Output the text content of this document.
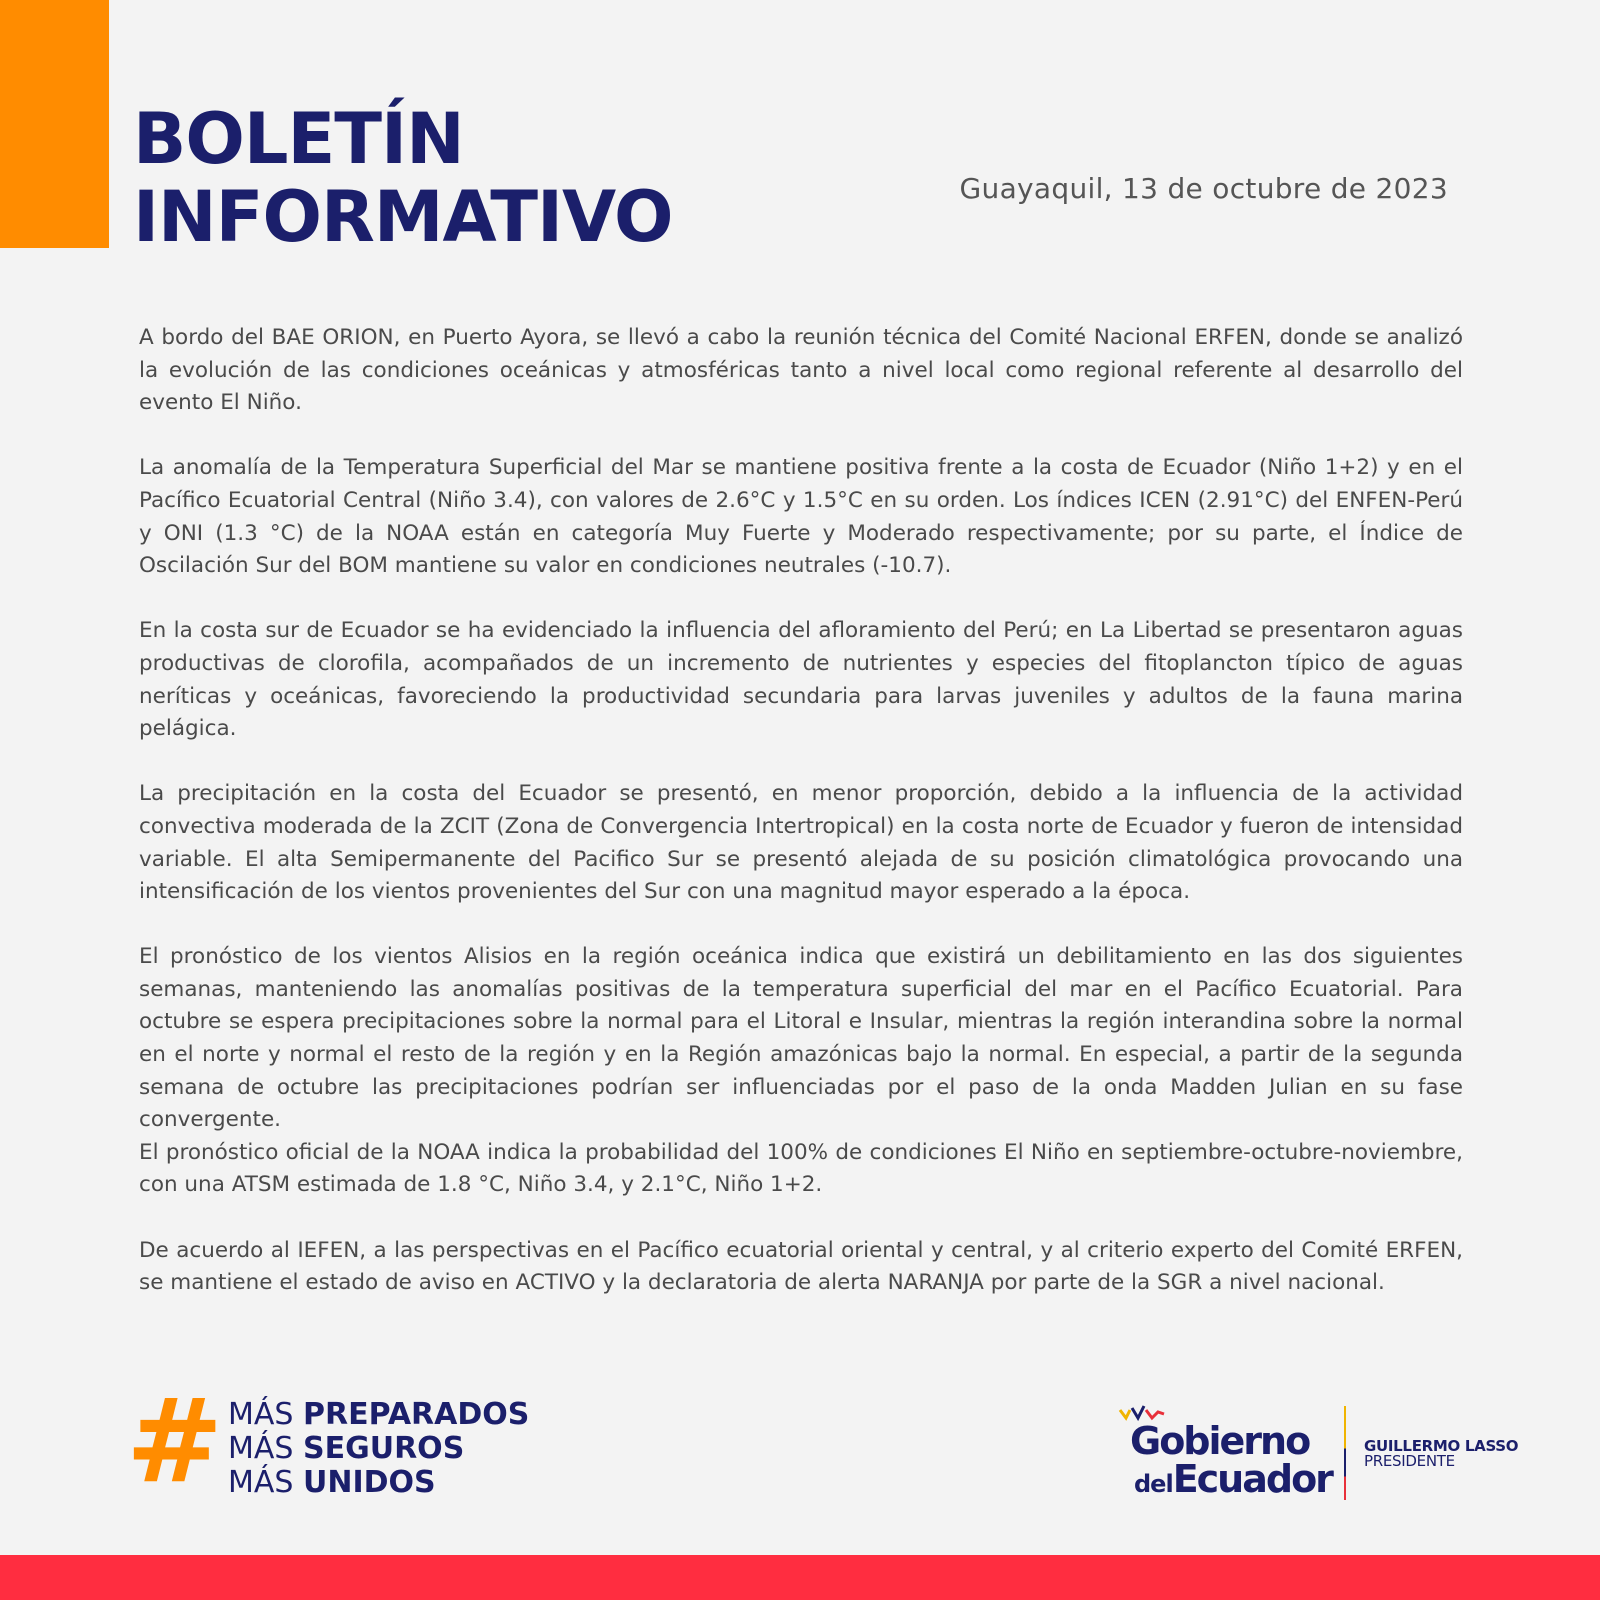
BOLETÍN
INFORMATIVO	Guayaquil, 13 de octubre de 2023

A bordo del BAE ORION, en Puerto Ayora, se llevó a cabo la reunión técnica del Comité Nacional ERFEN, donde se analizó la evolución de las condiciones oceánicas y atmosféricas tanto a nivel local como regional referente al desarrollo del evento El Niño.

La anomalía de la Temperatura Superficial del Mar se mantiene positiva frente a la costa de Ecuador (Niño 1+2) y en el Pacífico Ecuatorial Central (Niño 3.4), con valores de 2.6°C y 1.5°C en su orden. Los índices ICEN (2.91°C) del ENFEN-Perú y ONI (1.3 °C) de la NOAA están en categoría Muy Fuerte y Moderado respectivamente; por su parte, el Índice de Oscilación Sur del BOM mantiene su valor en condiciones neutrales (-10.7).

En la costa sur de Ecuador se ha evidenciado la influencia del afloramiento del Perú; en La Libertad se presentaron aguas productivas de clorofila, acompañados de un incremento de nutrientes y especies del fitoplancton típico de aguas neríticas y oceánicas, favoreciendo la productividad secundaria para larvas juveniles y adultos de la fauna marina pelágica.

La precipitación en la costa del Ecuador se presentó, en menor proporción, debido a la influencia de la actividad convectiva moderada de la ZCIT (Zona de Convergencia Intertropical) en la costa norte de Ecuador y fueron de intensidad variable. El alta Semipermanente del Pacifico Sur se presentó alejada de su posición climatológica provocando una intensificación de los vientos provenientes del Sur con una magnitud mayor esperado a la época.

El pronóstico de los vientos Alisios en la región oceánica indica que existirá un debilitamiento en las dos siguientes semanas, manteniendo las anomalías positivas de la temperatura superficial del mar en el Pacífico Ecuatorial. Para octubre se espera precipitaciones sobre la normal para el Litoral e Insular, mientras la región interandina sobre la normal en el norte y normal el resto de la región y en la Región amazónicas bajo la normal. En especial, a partir de la segunda semana de octubre las precipitaciones podrían ser influenciadas por el paso de la onda Madden Julian en su fase convergente.

El pronóstico oficial de la NOAA indica la probabilidad del 100% de condiciones El Niño en septiembre-octubre-noviembre, con una ATSM estimada de 1.8 °C, Niño 3.4, y 2.1°C, Niño 1+2.

De acuerdo al IEFEN, a las perspectivas en el Pacífico ecuatorial oriental y central, y al criterio experto del Comité ERFEN, se mantiene el estado de aviso en ACTIVO y la declaratoria de alerta NARANJA por parte de la SGR a nivel nacional.

# MÁS PREPARADOS
MÁS SEGUROS
MÁS UNIDOS
Gobierno
delEcuador
GUILLERMO LASSO
PRESIDENTE
